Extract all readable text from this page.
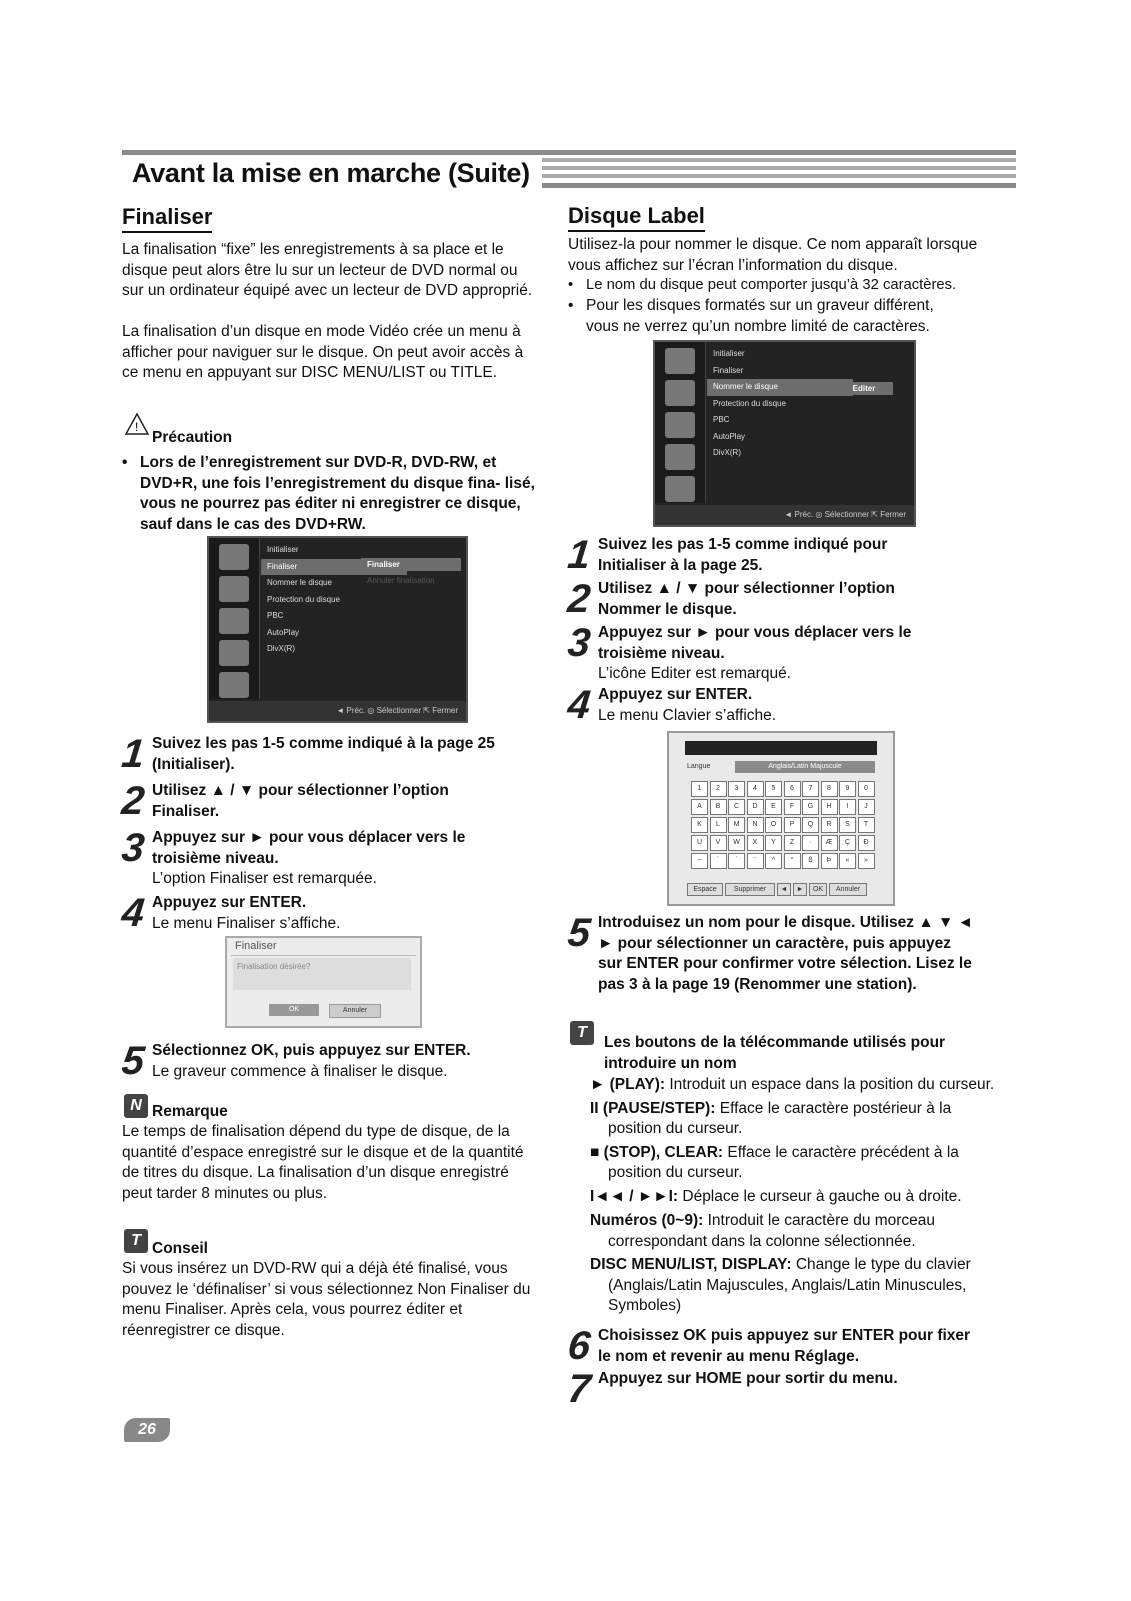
Avant la mise en marche (Suite)
Finaliser
La finalisation “fixe” les enregistrements à sa place et le disque peut alors être lu sur un lecteur de DVD normal ou sur un ordinateur équipé avec un lecteur de DVD approprié.
La finalisation d’un disque en mode Vidéo crée un menu à afficher pour naviguer sur le disque. On peut avoir accès à ce menu en appuyant sur DISC MENU/LIST ou TITLE.
!
Précaution
• Lors de l’enregistrement sur DVD-R, DVD-RW, et DVD+R, une fois l’enregistrement du disque fina- lisé, vous ne pourrez pas éditer ni enregistrer ce disque, sauf dans le cas des DVD+RW.
Initialiser
Finaliser
Nommer le disque
Protection du disque
PBC
AutoPlay
DivX(R)
Finaliser
Annuler finalisation
◄ Préc. ◎ Sélectionner ⇱ Fermer
1 Suivez les pas 1-5 comme indiqué à la page 25 (Initialiser).
2 Utilisez ▲ / ▼ pour sélectionner l’option Finaliser.
3 Appuyez sur ► pour vous déplacer vers le troisième niveau.
L’option Finaliser est remarquée.
4 Appuyez sur ENTER.
Le menu Finaliser s’affiche.
Finaliser
Finalisation désirée?
OK	Annuler
5 Sélectionnez OK, puis appuyez sur ENTER.
Le graveur commence à finaliser le disque.
N Remarque
Le temps de finalisation dépend du type de disque, de la quantité d’espace enregistré sur le disque et de la quantité de titres du disque. La finalisation d’un disque enregistré peut tarder 8 minutes ou plus.
T Conseil
Si vous insérez un DVD-RW qui a déjà été finalisé, vous pouvez le ‘définaliser’ si vous sélectionnez Non Finaliser du menu Finaliser. Après cela, vous pourrez éditer et réenregistrer ce disque.
26
Disque Label
Utilisez-la pour nommer le disque. Ce nom apparaît lorsque vous affichez sur l’écran l’information du disque.
• Le nom du disque peut comporter jusqu’à 32 caractères.
• Pour les disques formatés sur un graveur différent, vous ne verrez qu’un nombre limité de caractères.
Initialiser
Finaliser
Nommer le disque
Protection du disque
PBC
AutoPlay
DivX(R)
Editer
◄ Préc. ◎ Sélectionner ⇱ Fermer
1 Suivez les pas 1-5 comme indiqué pour Initialiser à la page 25.
2 Utilisez ▲ / ▼ pour sélectionner l’option Nommer le disque.
3 Appuyez sur ► pour vous déplacer vers le troisième niveau.
L’icône Editer est remarqué.
4 Appuyez sur ENTER.
Le menu Clavier s’affiche.
Langue	Anglais/Latin Majuscule
1	2	3	4	5	6	7	8	9	0
A	B	C	D	E	F	G	H	I	J
K	L	M	N	O	P	Q	R	S	T
U	V	W	X	Y	Z	·	Æ	Ç	Ð
~	`	´	¨	^	°	ß	Þ	«	»
Espace	Supprimer	◄	►	OK	Annuler
5 Introduisez un nom pour le disque. Utilisez ▲ ▼ ◄ ► pour sélectionner un caractère, puis appuyez sur ENTER pour confirmer votre sélection. Lisez le pas 3 à la page 19 (Renommer une station).
T
Les boutons de la télécommande utilisés pour introduire un nom
► (PLAY): Introduit un espace dans la position du curseur.
II (PAUSE/STEP): Efface le caractère postérieur à la position du curseur.
■ (STOP), CLEAR: Efface le caractère précédent à la position du curseur.
I◄◄ / ►►I: Déplace le curseur à gauche ou à droite.
Numéros (0~9): Introduit le caractère du morceau correspondant dans la colonne sélectionnée.
DISC MENU/LIST, DISPLAY: Change le type du clavier (Anglais/Latin Majuscules, Anglais/Latin Minuscules, Symboles)
6 Choisissez OK puis appuyez sur ENTER pour fixer le nom et revenir au menu Réglage.
7 Appuyez sur HOME pour sortir du menu.
